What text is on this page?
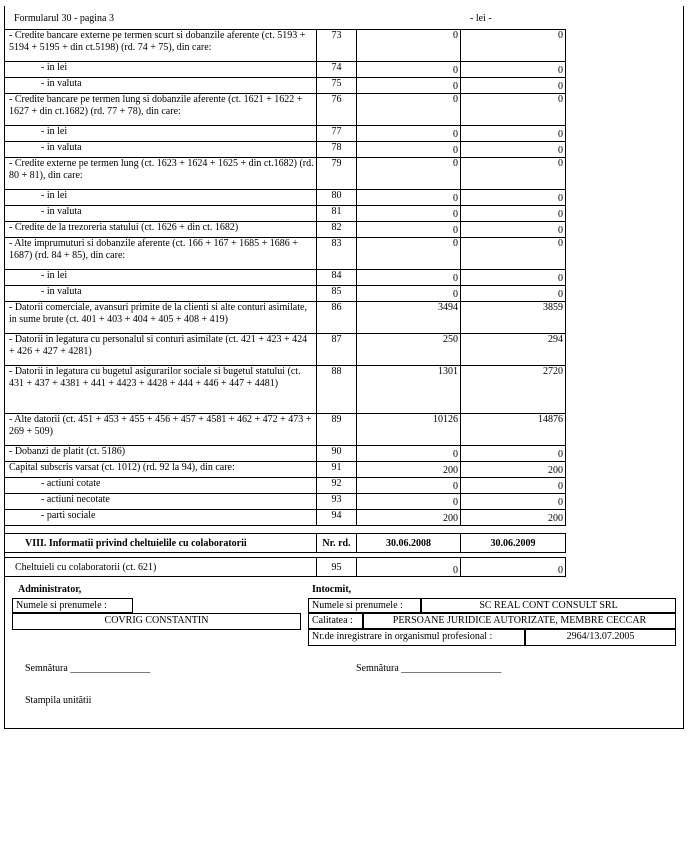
Formularul 30 - pagina 3	- lei -
- Credite bancare externe pe termen scurt si dobanzile aferente (ct. 5193 + 5194 + 5195 + din ct.5198) (rd. 74 + 75), din care:	73	0	0
- in lei	74	0	0
- in valuta	75	0	0
- Credite bancare pe termen lung si dobanzile aferente (ct. 1621 + 1622 + 1627 + din ct.1682) (rd. 77 + 78), din care:	76	0	0
- in lei	77	0	0
- in valuta	78	0	0
- Credite externe pe termen lung (ct. 1623 + 1624 + 1625 + din ct.1682) (rd. 80 + 81), din care:	79	0	0
- in lei	80	0	0
- in valuta	81	0	0
- Credite de la trezoreria statului (ct. 1626 + din ct. 1682)	82	0	0
- Alte imprumuturi si dobanzile aferente (ct. 166 + 167 + 1685 + 1686 + 1687) (rd. 84 + 85), din care:	83	0	0
- in lei	84	0	0
- in valuta	85	0	0
- Datorii comerciale, avansuri primite de la clienti si alte conturi asimilate, in sume brute (ct. 401 + 403 + 404 + 405 + 408 + 419)	86	3494	3859
- Datorii in legatura cu personalul si conturi asimilate (ct. 421 + 423 + 424 + 426 + 427 + 4281)	87	250	294
- Datorii in legatura cu bugetul asigurarilor sociale si bugetul statului (ct. 431 + 437 + 4381 + 441 + 4423 + 4428 + 444 + 446 + 447 + 4481)	88	1301	2720
- Alte datorii (ct. 451 + 453 + 455 + 456 + 457 + 4581 + 462 + 472 + 473 + 269 + 509)	89	10126	14876
- Dobanzi de platit (ct. 5186)	90	0	0
Capital subscris varsat (ct. 1012) (rd. 92 la 94), din care:	91	200	200
- actiuni cotate	92	0	0
- actiuni necotate	93	0	0
- parti sociale	94	200	200
VIII. Informatii privind cheltuielile cu colaboratorii	Nr. rd.	30.06.2008	30.06.2009
Cheltuieli cu colaboratorii (ct. 621)	95	0	0
Administrator,
Numele si prenumele :
COVRIG CONSTANTIN
Intocmit,
Numele si prenumele :	SC REAL CONT CONSULT SRL
Calitatea :	PERSOANE JURIDICE AUTORIZATE, MEMBRE CECCAR
Nr.de inregistrare in organismul profesional :	2964/13.07.2005
Semnătura ________________	Semnătura ____________________
Stampila unitătii
